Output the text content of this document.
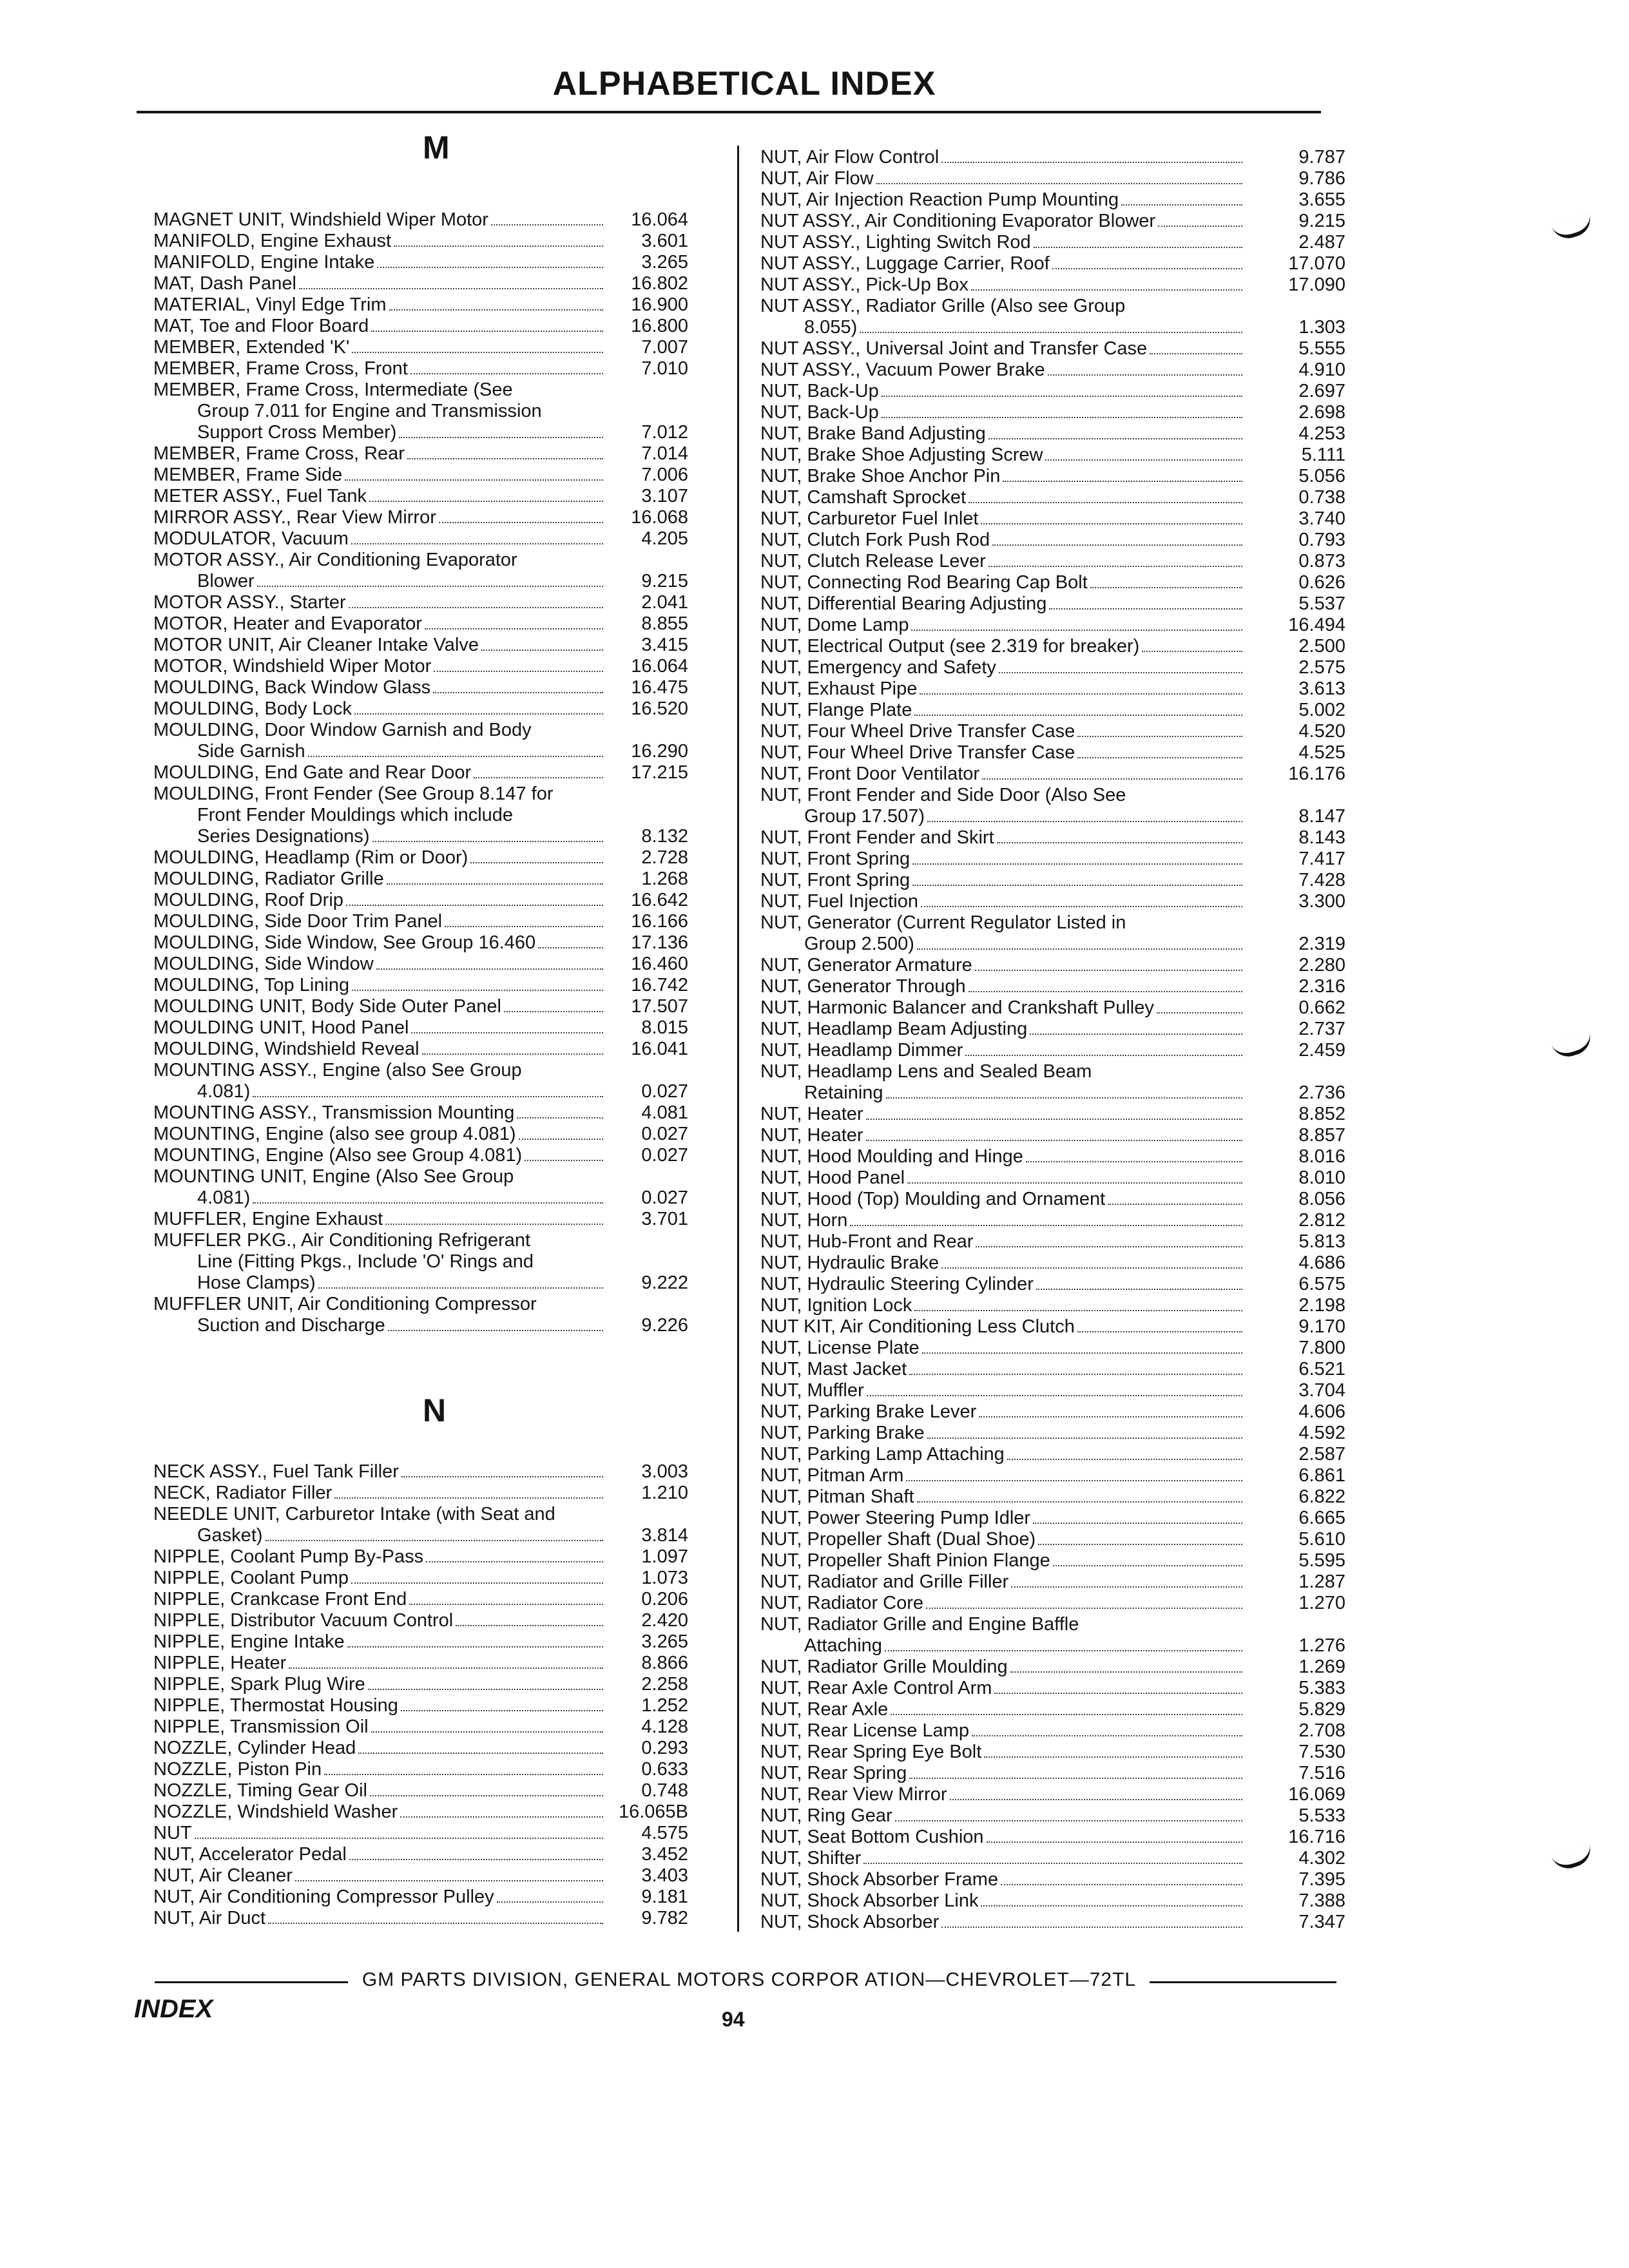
ALPHABETICAL INDEX
M
MAGNET UNIT, Windshield Wiper Motor	16.064
MANIFOLD, Engine Exhaust	3.601
MANIFOLD, Engine Intake	3.265
MAT, Dash Panel	16.802
MATERIAL, Vinyl Edge Trim	16.900
MAT, Toe and Floor Board	16.800
MEMBER, Extended 'K'	7.007
MEMBER, Frame Cross, Front	7.010
MEMBER, Frame Cross, Intermediate (See
Group 7.011 for Engine and Transmission
Support Cross Member)	7.012
MEMBER, Frame Cross, Rear	7.014
MEMBER, Frame Side	7.006
METER ASSY., Fuel Tank	3.107
MIRROR ASSY., Rear View Mirror	16.068
MODULATOR, Vacuum	4.205
MOTOR ASSY., Air Conditioning Evaporator
Blower	9.215
MOTOR ASSY., Starter	2.041
MOTOR, Heater and Evaporator	8.855
MOTOR UNIT, Air Cleaner Intake Valve	3.415
MOTOR, Windshield Wiper Motor	16.064
MOULDING, Back Window Glass	16.475
MOULDING, Body Lock	16.520
MOULDING, Door Window Garnish and Body
Side Garnish	16.290
MOULDING, End Gate and Rear Door	17.215
MOULDING, Front Fender (See Group 8.147 for
Front Fender Mouldings which include
Series Designations)	8.132
MOULDING, Headlamp (Rim or Door)	2.728
MOULDING, Radiator Grille	1.268
MOULDING, Roof Drip	16.642
MOULDING, Side Door Trim Panel	16.166
MOULDING, Side Window, See Group 16.460	17.136
MOULDING, Side Window	16.460
MOULDING, Top Lining	16.742
MOULDING UNIT, Body Side Outer Panel	17.507
MOULDING UNIT, Hood Panel	8.015
MOULDING, Windshield Reveal	16.041
MOUNTING ASSY., Engine (also See Group
4.081)	0.027
MOUNTING ASSY., Transmission Mounting	4.081
MOUNTING, Engine (also see group 4.081)	0.027
MOUNTING, Engine (Also see Group 4.081)	0.027
MOUNTING UNIT, Engine (Also See Group
4.081)	0.027
MUFFLER, Engine Exhaust	3.701
MUFFLER PKG., Air Conditioning Refrigerant
Line (Fitting Pkgs., Include 'O' Rings and
Hose Clamps)	9.222
MUFFLER UNIT, Air Conditioning Compressor
Suction and Discharge	9.226
N
NECK ASSY., Fuel Tank Filler	3.003
NECK, Radiator Filler	1.210
NEEDLE UNIT, Carburetor Intake (with Seat and
Gasket)	3.814
NIPPLE, Coolant Pump By-Pass	1.097
NIPPLE, Coolant Pump	1.073
NIPPLE, Crankcase Front End	0.206
NIPPLE, Distributor Vacuum Control	2.420
NIPPLE, Engine Intake	3.265
NIPPLE, Heater	8.866
NIPPLE, Spark Plug Wire	2.258
NIPPLE, Thermostat Housing	1.252
NIPPLE, Transmission Oil	4.128
NOZZLE, Cylinder Head	0.293
NOZZLE, Piston Pin	0.633
NOZZLE, Timing Gear Oil	0.748
NOZZLE, Windshield Washer	16.065B
NUT	4.575
NUT, Accelerator Pedal	3.452
NUT, Air Cleaner	3.403
NUT, Air Conditioning Compressor Pulley	9.181
NUT, Air Duct	9.782
NUT, Air Flow Control	9.787
NUT, Air Flow	9.786
NUT, Air Injection Reaction Pump Mounting	3.655
NUT ASSY., Air Conditioning Evaporator Blower	9.215
NUT ASSY., Lighting Switch Rod	2.487
NUT ASSY., Luggage Carrier, Roof	17.070
NUT ASSY., Pick-Up Box	17.090
NUT ASSY., Radiator Grille (Also see Group
8.055)	1.303
NUT ASSY., Universal Joint and Transfer Case	5.555
NUT ASSY., Vacuum Power Brake	4.910
NUT, Back-Up	2.697
NUT, Back-Up	2.698
NUT, Brake Band Adjusting	4.253
NUT, Brake Shoe Adjusting Screw	5.111
NUT, Brake Shoe Anchor Pin	5.056
NUT, Camshaft Sprocket	0.738
NUT, Carburetor Fuel Inlet	3.740
NUT, Clutch Fork Push Rod	0.793
NUT, Clutch Release Lever	0.873
NUT, Connecting Rod Bearing Cap Bolt	0.626
NUT, Differential Bearing Adjusting	5.537
NUT, Dome Lamp	16.494
NUT, Electrical Output (see 2.319 for breaker)	2.500
NUT, Emergency and Safety	2.575
NUT, Exhaust Pipe	3.613
NUT, Flange Plate	5.002
NUT, Four Wheel Drive Transfer Case	4.520
NUT, Four Wheel Drive Transfer Case	4.525
NUT, Front Door Ventilator	16.176
NUT, Front Fender and Side Door (Also See
Group 17.507)	8.147
NUT, Front Fender and Skirt	8.143
NUT, Front Spring	7.417
NUT, Front Spring	7.428
NUT, Fuel Injection	3.300
NUT, Generator (Current Regulator Listed in
Group 2.500)	2.319
NUT, Generator Armature	2.280
NUT, Generator Through	2.316
NUT, Harmonic Balancer and Crankshaft Pulley	0.662
NUT, Headlamp Beam Adjusting	2.737
NUT, Headlamp Dimmer	2.459
NUT, Headlamp Lens and Sealed Beam
Retaining	2.736
NUT, Heater	8.852
NUT, Heater	8.857
NUT, Hood Moulding and Hinge	8.016
NUT, Hood Panel	8.010
NUT, Hood (Top) Moulding and Ornament	8.056
NUT, Horn	2.812
NUT, Hub-Front and Rear	5.813
NUT, Hydraulic Brake	4.686
NUT, Hydraulic Steering Cylinder	6.575
NUT, Ignition Lock	2.198
NUT KIT, Air Conditioning Less Clutch	9.170
NUT, License Plate	7.800
NUT, Mast Jacket	6.521
NUT, Muffler	3.704
NUT, Parking Brake Lever	4.606
NUT, Parking Brake	4.592
NUT, Parking Lamp Attaching	2.587
NUT, Pitman Arm	6.861
NUT, Pitman Shaft	6.822
NUT, Power Steering Pump Idler	6.665
NUT, Propeller Shaft (Dual Shoe)	5.610
NUT, Propeller Shaft Pinion Flange	5.595
NUT, Radiator and Grille Filler	1.287
NUT, Radiator Core	1.270
NUT, Radiator Grille and Engine Baffle
Attaching	1.276
NUT, Radiator Grille Moulding	1.269
NUT, Rear Axle Control Arm	5.383
NUT, Rear Axle	5.829
NUT, Rear License Lamp	2.708
NUT, Rear Spring Eye Bolt	7.530
NUT, Rear Spring	7.516
NUT, Rear View Mirror	16.069
NUT, Ring Gear	5.533
NUT, Seat Bottom Cushion	16.716
NUT, Shifter	4.302
NUT, Shock Absorber Frame	7.395
NUT, Shock Absorber Link	7.388
NUT, Shock Absorber	7.347
GM PARTS DIVISION, GENERAL MOTORS CORPOR ATION—CHEVROLET—72TL
INDEX	94
